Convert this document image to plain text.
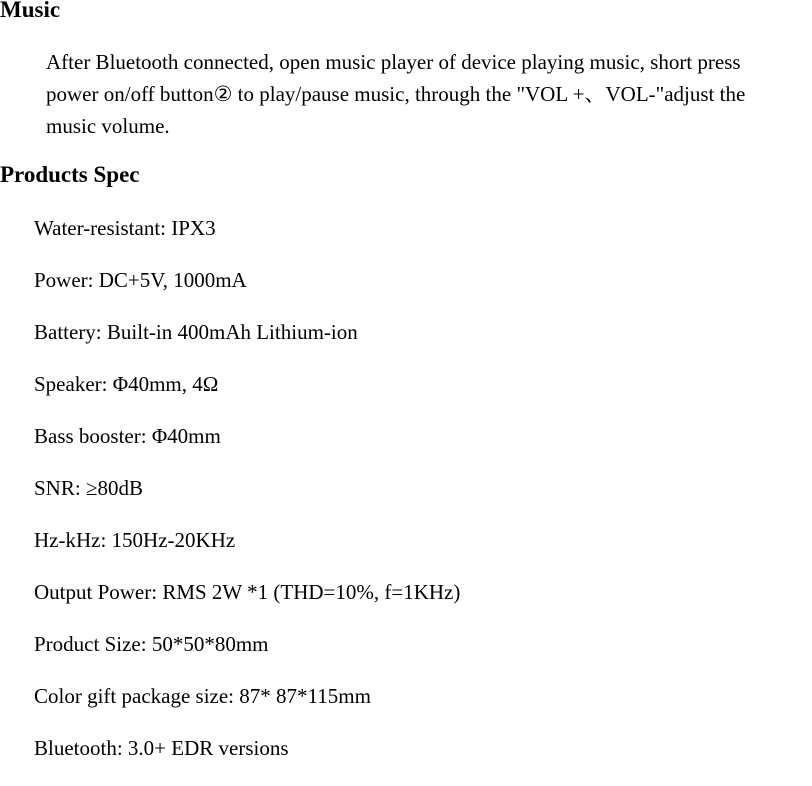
Music

After Bluetooth connected, open music player of device playing music, short press
power on/off button② to play/pause music, through the "VOL +、VOL-"adjust the
music volume.

Products Spec
Water-resistant: IPX3
Power: DC+5V, 1000mA
Battery: Built-in 400mAh Lithium-ion
Speaker: Φ40mm, 4Ω
Bass booster: Φ40mm
SNR: ≥80dB
Hz-kHz: 150Hz-20KHz
Output Power: RMS 2W *1 (THD=10%, f=1KHz)
Product Size: 50*50*80mm
Color gift package size: 87* 87*115mm
Bluetooth: 3.0+ EDR versions
